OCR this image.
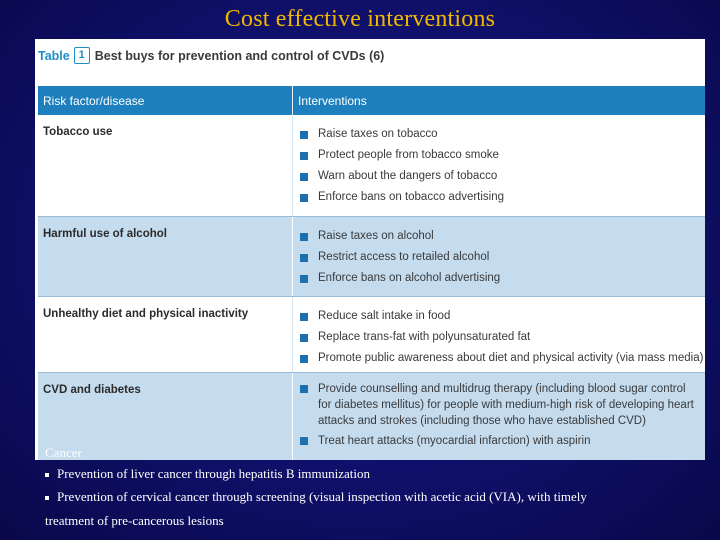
Cost effective interventions
Table 1 Best buys for prevention and control of CVDs (6)
Risk factor/disease	Interventions
Tobacco use	Raise taxes on tobacco
Protect people from tobacco smoke
Warn about the dangers of tobacco
Enforce bans on tobacco advertising
Harmful use of alcohol	Raise taxes on alcohol
Restrict access to retailed alcohol
Enforce bans on alcohol advertising
Unhealthy diet and physical inactivity	Reduce salt intake in food
Replace trans-fat with polyunsaturated fat
Promote public awareness about diet and physical activity (via mass media)
CVD and diabetes	Provide counselling and multidrug therapy (including blood sugar control for diabetes mellitus) for people with medium-high risk of developing heart attacks and strokes (including those who have established CVD)
Treat heart attacks (myocardial infarction) with aspirin
Cancer
Prevention of liver cancer through hepatitis B immunization
Prevention of cervical cancer through screening (visual inspection with acetic acid (VIA), with timely
treatment of pre-cancerous lesions
